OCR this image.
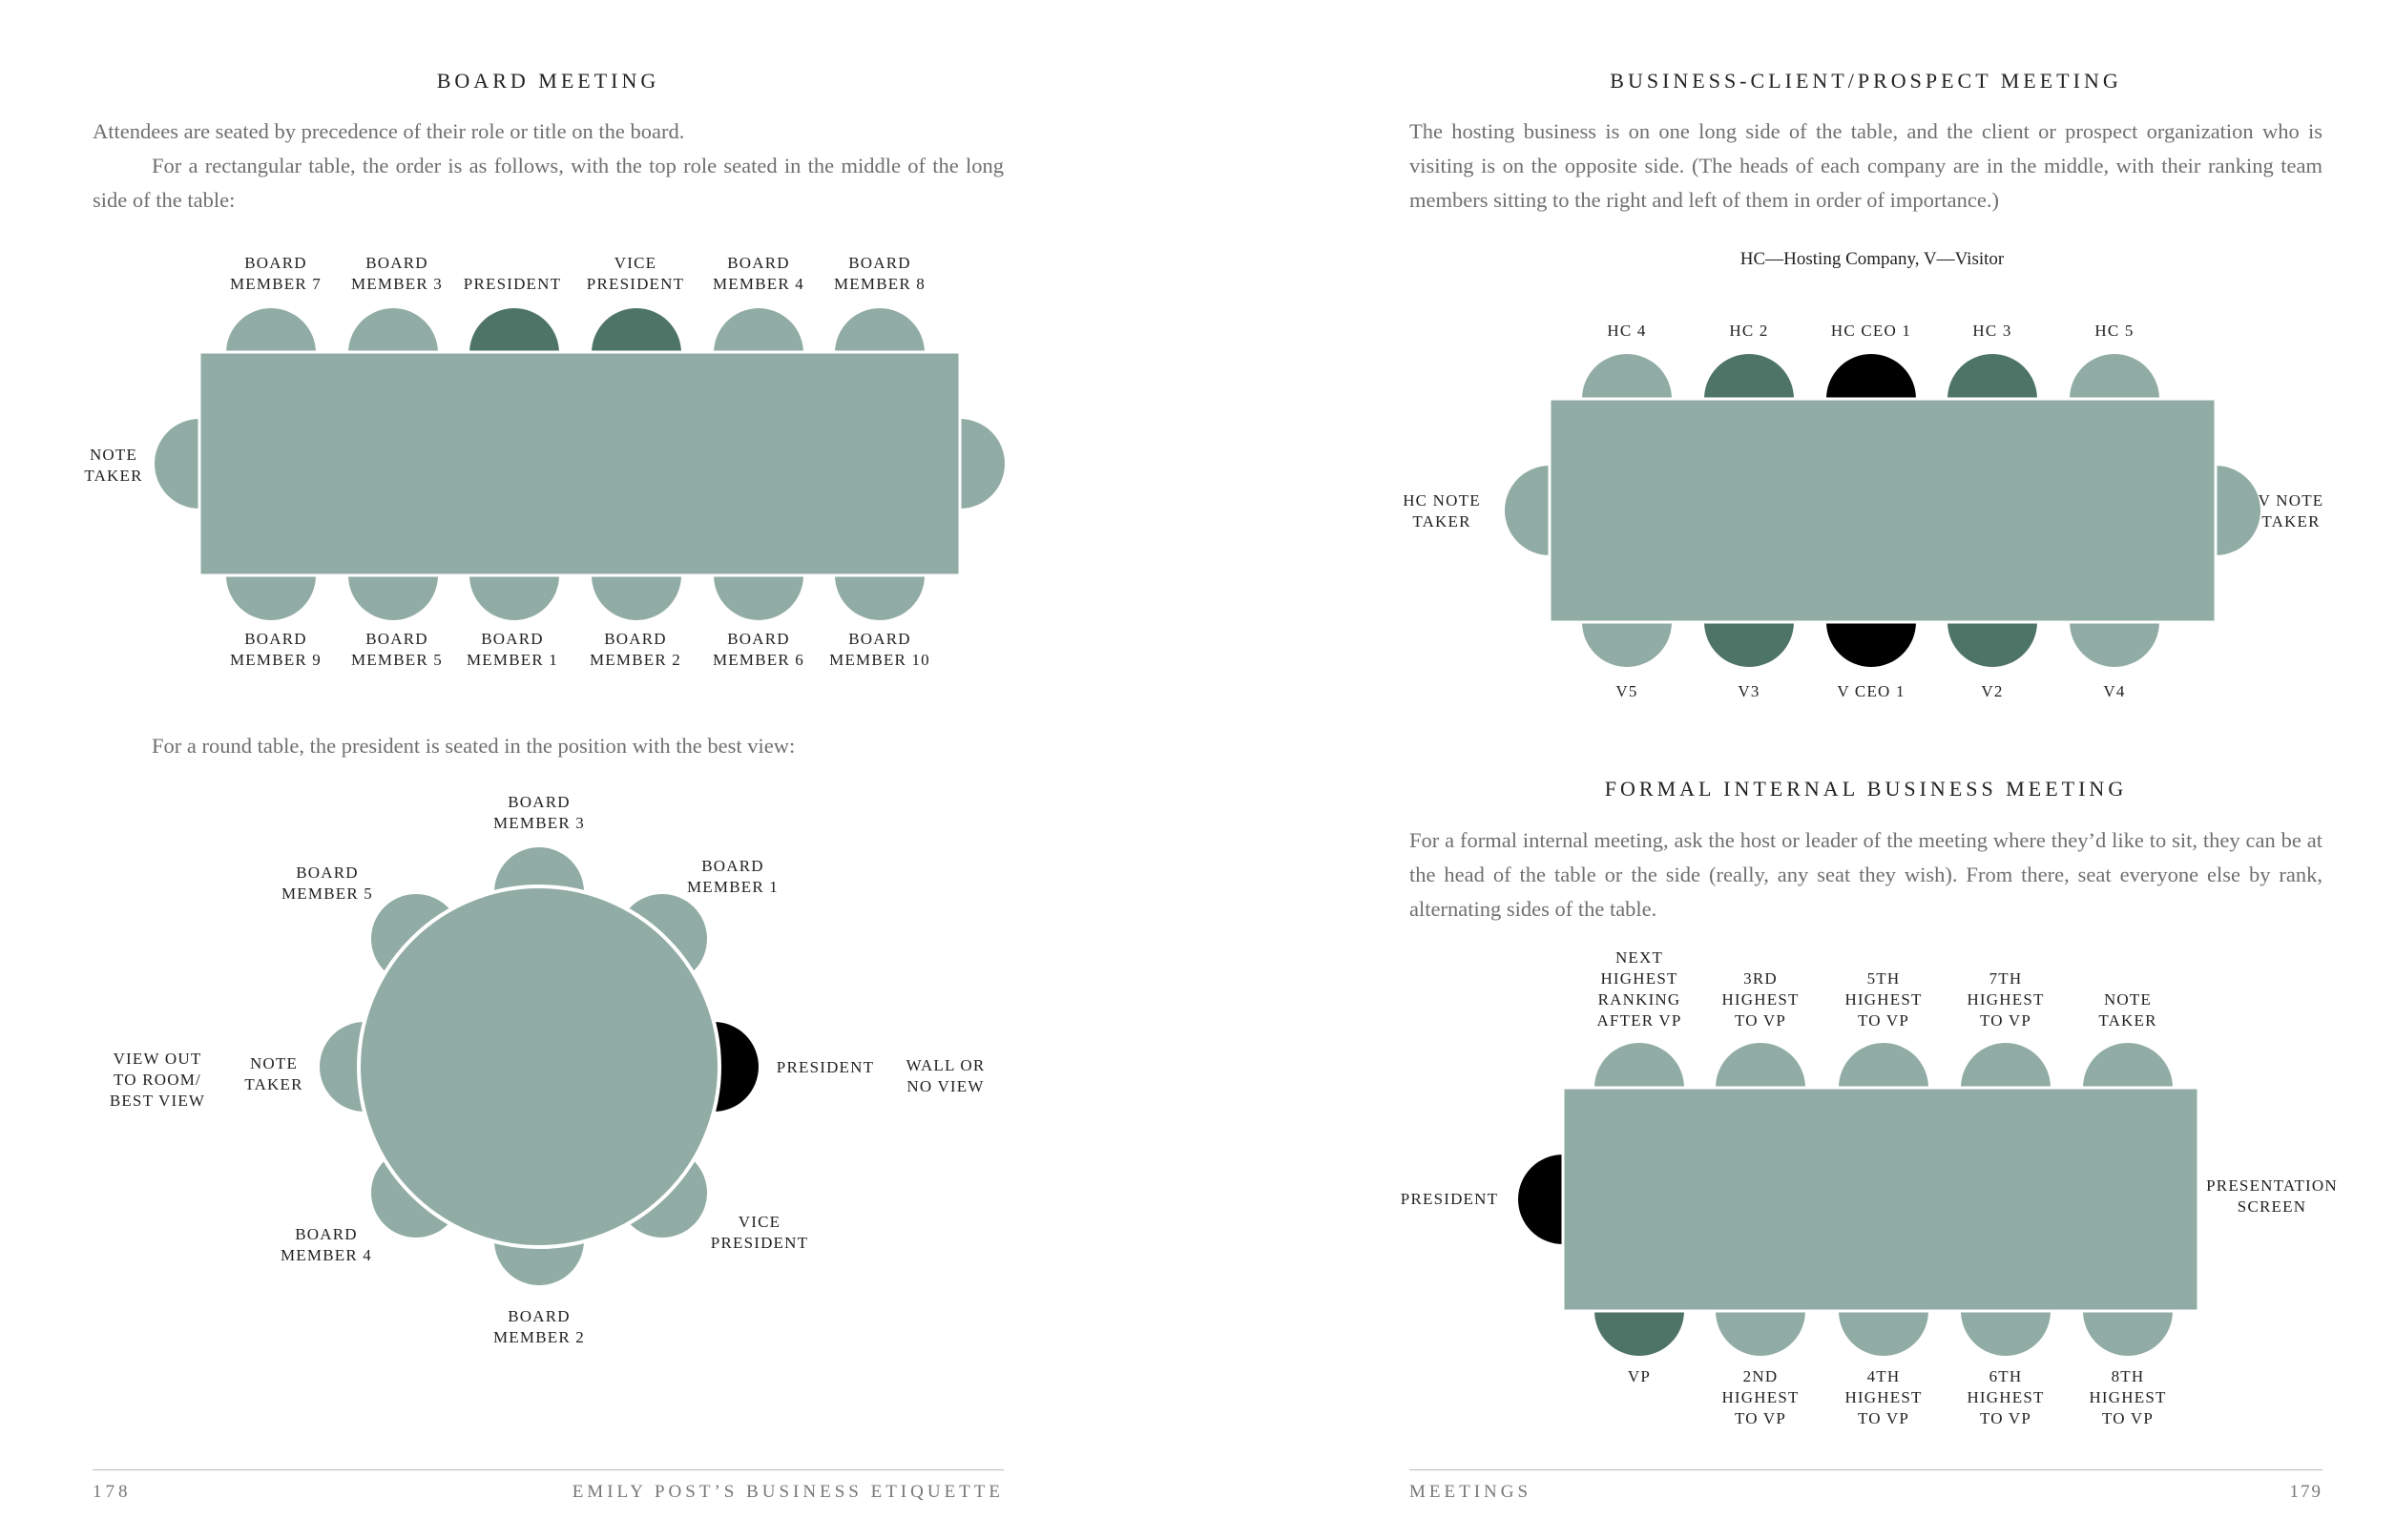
BOARD MEETING

Attendees are seated by precedence of their role or title on the board.

For a rectangular table, the order is as follows, with the top role seated in the middle of the long side of the table:

BOARD
MEMBER 7
BOARD
MEMBER 3 PRESIDENT
VICE
PRESIDENT
BOARD
MEMBER 4
BOARD
MEMBER 8
BOARD
MEMBER 9
BOARD
MEMBER 5
BOARD
MEMBER 1
BOARD
MEMBER 2
BOARD
MEMBER 6
BOARD
MEMBER 10
NOTE
TAKER

For a round table, the president is seated in the position with the best view:

BOARD
MEMBER 3
BOARD
MEMBER 5
BOARD
MEMBER 1
NOTE
TAKER
PRESIDENT
BOARD
MEMBER 4
VICE
PRESIDENT
BOARD
MEMBER 2
VIEW OUT
TO ROOM/
BEST VIEW
WALL OR
NO VIEW
178	EMILY POST’S BUSINESS ETIQUETTE
BUSINESS-CLIENT/PROSPECT MEETING

The hosting business is on one long side of the table, and the client or prospect organization who is visiting is on the opposite side. (The heads of each company are in the middle, with their ranking team members sitting to the right and left of them in order of importance.)

HC—Hosting Company, V—Visitor
HC 4	HC 2	HC CEO 1	HC 3	HC 5
V5	V3	V CEO 1	V2	V4
HC NOTE
TAKER
V NOTE
TAKER
FORMAL INTERNAL BUSINESS MEETING

For a formal internal meeting, ask the host or leader of the meeting where they’d like to sit, they can be at the head of the table or the side (really, any seat they wish). From there, seat everyone else by rank, alternating sides of the table.

NEXT
HIGHEST
RANKING
AFTER VP
3RD
HIGHEST
TO VP
5TH
HIGHEST
TO VP
7TH
HIGHEST
TO VP
NOTE
TAKER
VP	2ND
HIGHEST
TO VP
4TH
HIGHEST
TO VP
6TH
HIGHEST
TO VP
8TH
HIGHEST
TO VP
PRESIDENT
PRESENTATION
SCREEN
MEETINGS	179
